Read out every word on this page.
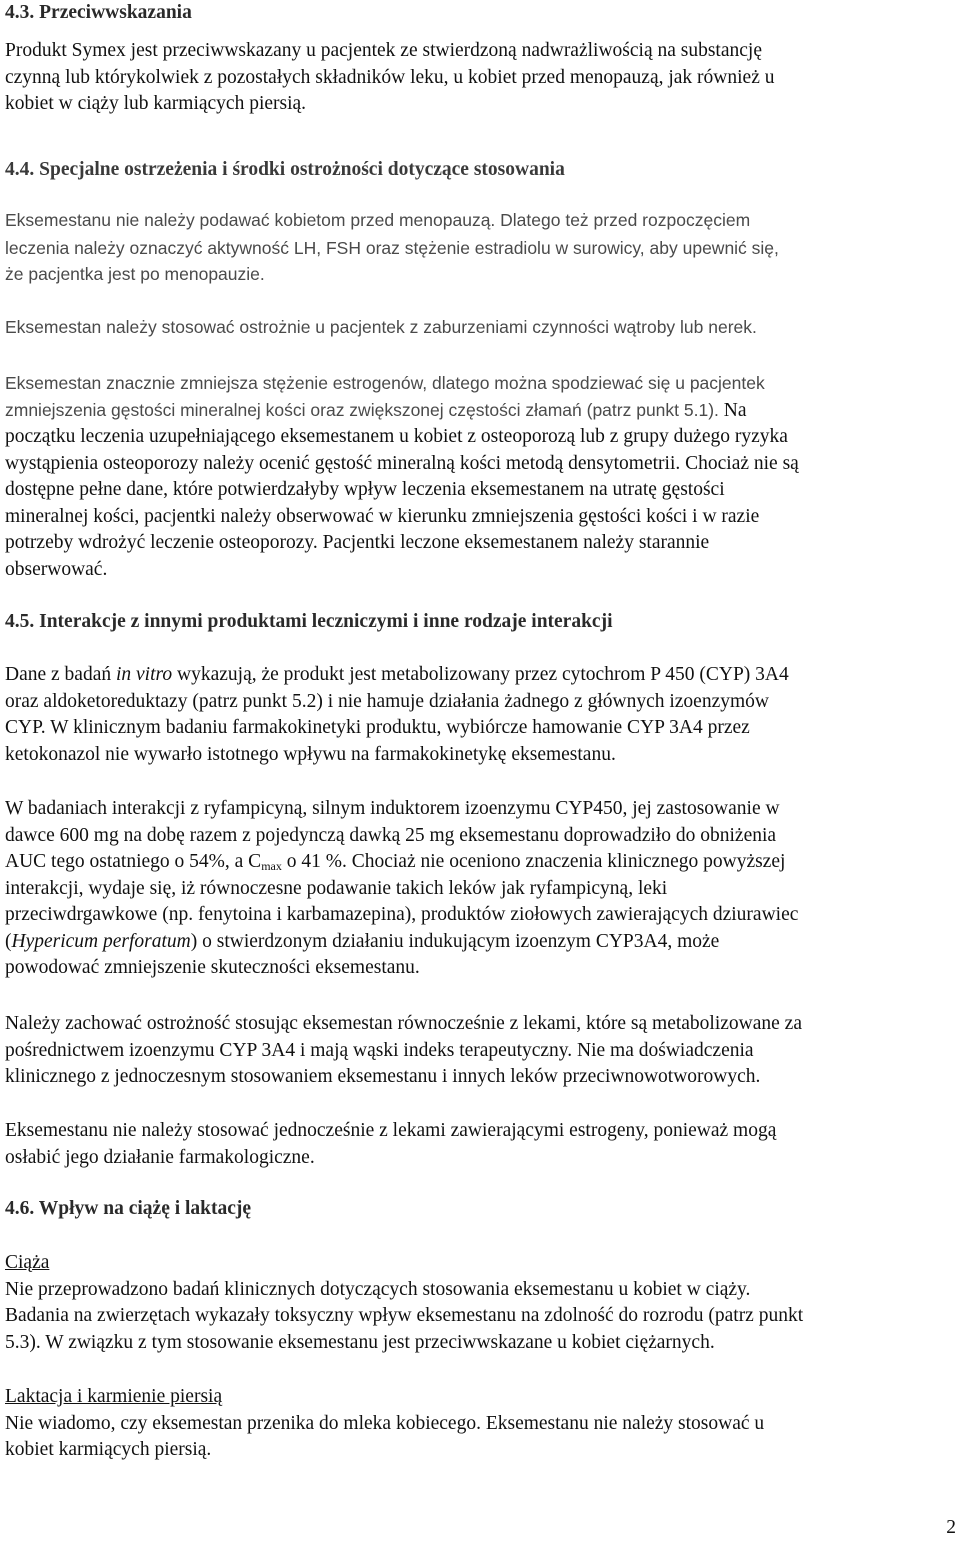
4.3. Przeciwwskazania
Produkt Symex jest przeciwwskazany u pacjentek ze stwierdzoną nadwrażliwością na substancję
czynną lub którykolwiek z pozostałych składników leku, u kobiet przed menopauzą, jak również u
kobiet w ciąży lub karmiących piersią.
4.4. Specjalne ostrzeżenia i środki ostrożności dotyczące stosowania
Eksemestanu nie należy podawać kobietom przed menopauzą. Dlatego też przed rozpoczęciem
leczenia należy oznaczyć aktywność LH, FSH oraz stężenie estradiolu w surowicy, aby upewnić się,
że pacjentka jest po menopauzie.
Eksemestan należy stosować ostrożnie u pacjentek z zaburzeniami czynności wątroby lub nerek.
Eksemestan znacznie zmniejsza stężenie estrogenów, dlatego można spodziewać się u pacjentek
zmniejszenia gęstości mineralnej kości oraz zwiększonej częstości złamań (patrz punkt 5.1). Na
początku leczenia uzupełniającego eksemestanem u kobiet z osteoporozą lub z grupy dużego ryzyka
wystąpienia osteoporozy należy ocenić gęstość mineralną kości metodą densytometrii. Chociaż nie są
dostępne pełne dane, które potwierdzałyby wpływ leczenia eksemestanem na utratę gęstości
mineralnej kości, pacjentki należy obserwować w kierunku zmniejszenia gęstości kości i w razie
potrzeby wdrożyć leczenie osteoporozy. Pacjentki leczone eksemestanem należy starannie
obserwować.
4.5. Interakcje z innymi produktami leczniczymi i inne rodzaje interakcji
Dane z badań in vitro wykazują, że produkt jest metabolizowany przez cytochrom P 450 (CYP) 3A4
oraz aldoketoreduktazy (patrz punkt 5.2) i nie hamuje działania żadnego z głównych izoenzymów
CYP. W klinicznym badaniu farmakokinetyki produktu, wybiórcze hamowanie CYP 3A4 przez
ketokonazol nie wywarło istotnego wpływu na farmakokinetykę eksemestanu.
W badaniach interakcji z ryfampicyną, silnym induktorem izoenzymu CYP450, jej zastosowanie w
dawce 600 mg na dobę razem z pojedynczą dawką 25 mg eksemestanu doprowadziło do obniżenia
AUC tego ostatniego o 54%, a $C_{max}$ o 41 %. Chociaż nie oceniono znaczenia klinicznego powyższej
interakcji, wydaje się, iż równoczesne podawanie takich leków jak ryfampicyną, leki
przeciwdrgawkowe (np. fenytoina i karbamazepina), produktów ziołowych zawierających dziurawiec
(Hypericum perforatum) o stwierdzonym działaniu indukującym izoenzym CYP3A4, może
powodować zmniejszenie skuteczności eksemestanu.
Należy zachować ostrożność stosując eksemestan równocześnie z lekami, które są metabolizowane za
pośrednictwem izoenzymu CYP 3A4 i mają wąski indeks terapeutyczny. Nie ma doświadczenia
klinicznego z jednoczesnym stosowaniem eksemestanu i innych leków przeciwnowotworowych.
Eksemestanu nie należy stosować jednocześnie z lekami zawierającymi estrogeny, ponieważ mogą
osłabić jego działanie farmakologiczne.
4.6. Wpływ na ciążę i laktację
Ciąża
Nie przeprowadzono badań klinicznych dotyczących stosowania eksemestanu u kobiet w ciąży.
Badania na zwierzętach wykazały toksyczny wpływ eksemestanu na zdolność do rozrodu (patrz punkt
5.3). W związku z tym stosowanie eksemestanu jest przeciwwskazane u kobiet ciężarnych.
Laktacja i karmienie piersią
Nie wiadomo, czy eksemestan przenika do mleka kobiecego. Eksemestanu nie należy stosować u
kobiet karmiących piersią.
2
